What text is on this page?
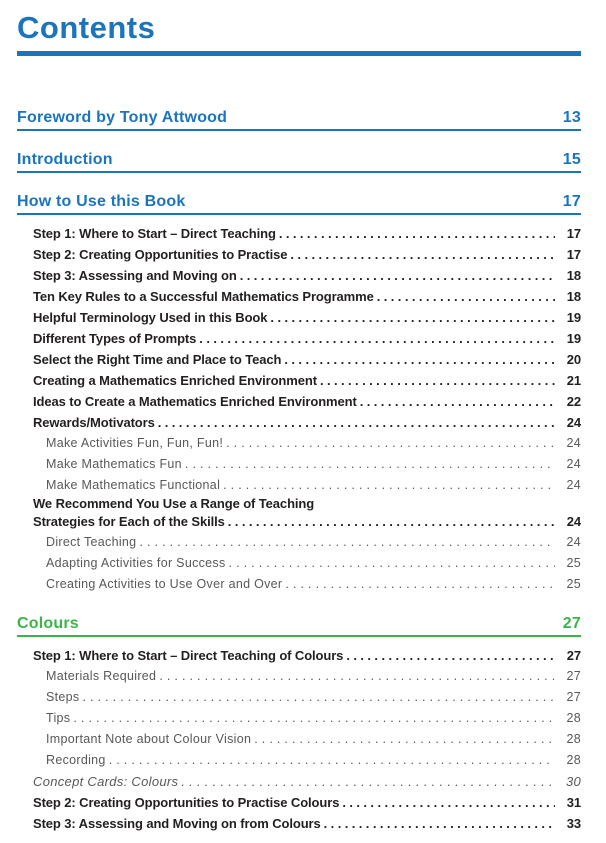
Contents
Foreword by Tony Attwood	13
Introduction	15
How to Use this Book	17
Step 1: Where to Start – Direct Teaching . . .	17
Step 2: Creating Opportunities to Practise . . .	17
Step 3: Assessing and Moving on . . .	18
Ten Key Rules to a Successful Mathematics Programme . . .	18
Helpful Terminology Used in this Book . . .	19
Different Types of Prompts . . .	19
Select the Right Time and Place to Teach . . .	20
Creating a Mathematics Enriched Environment . . .	21
Ideas to Create a Mathematics Enriched Environment . . .	22
Rewards/Motivators . . .	24
Make Activities Fun, Fun, Fun! . . .	24
Make Mathematics Fun . . .	24
Make Mathematics Functional . . .	24
We Recommend You Use a Range of Teaching
Strategies for Each of the Skills . . .	24
Direct Teaching . . .	24
Adapting Activities for Success . . .	25
Creating Activities to Use Over and Over . . .	25
Colours	27
Step 1: Where to Start – Direct Teaching of Colours . . .	27
Materials Required . . .	27
Steps . . .	27
Tips . . .	28
Important Note about Colour Vision . . .	28
Recording . . .	28
Concept Cards: Colours . . .	30
Step 2: Creating Opportunities to Practise Colours . . .	31
Step 3: Assessing and Moving on from Colours . . .	33
